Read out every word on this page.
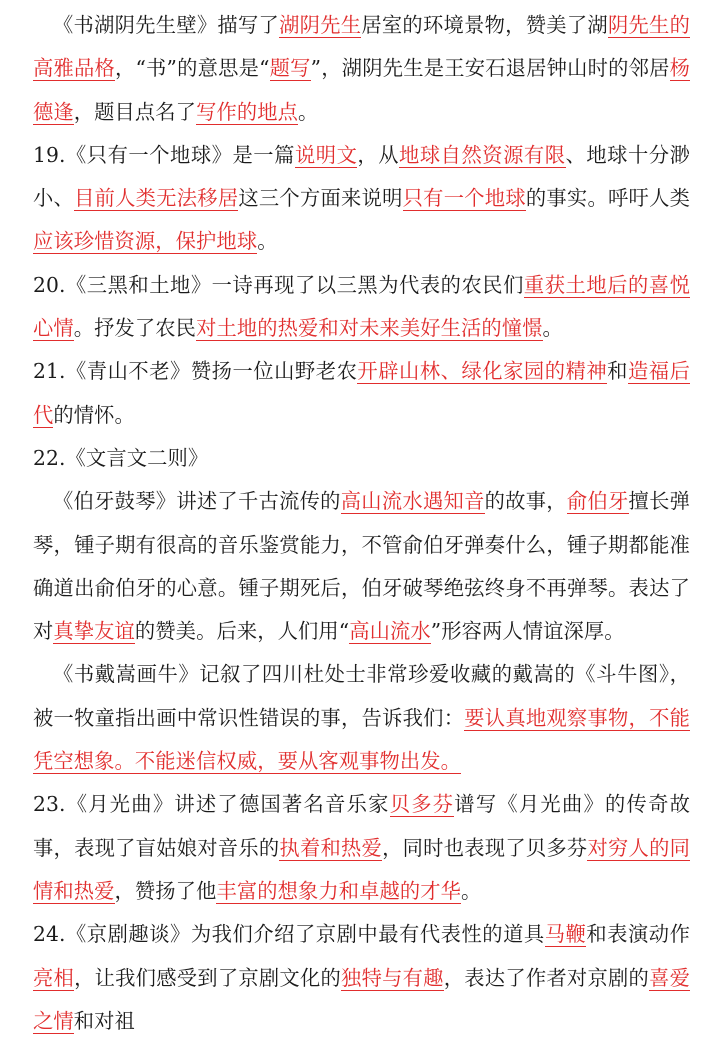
《书湖阴先生壁》描写了湖阴先生居室的环境景物，赞美了湖阴先生的高雅品格，“书”的意思是“题写”，湖阴先生是王安石退居钟山时的邻居杨德逢，题目点名了写作的地点。

19.《只有一个地球》是一篇说明文，从地球自然资源有限、地球十分渺小、目前人类无法移居这三个方面来说明只有一个地球的事实。呼吁人类应该珍惜资源，保护地球。

20.《三黑和土地》一诗再现了以三黑为代表的农民们重获土地后的喜悦心情。抒发了农民对土地的热爱和对未来美好生活的憧憬。

21.《青山不老》赞扬一位山野老农开辟山林、绿化家园的精神和造福后代的情怀。

22.《文言文二则》

《伯牙鼓琴》讲述了千古流传的高山流水遇知音的故事，俞伯牙擅长弹琴，锺子期有很高的音乐鉴赏能力，不管俞伯牙弹奏什么，锺子期都能准确道出俞伯牙的心意。锺子期死后，伯牙破琴绝弦终身不再弹琴。表达了对真挚友谊的赞美。后来，人们用“高山流水”形容两人情谊深厚。

《书戴嵩画牛》记叙了四川杜处士非常珍爱收藏的戴嵩的《斗牛图》，被一牧童指出画中常识性错误的事，告诉我们：要认真地观察事物，不能凭空想象。不能迷信权威，要从客观事物出发。

23.《月光曲》讲述了德国著名音乐家贝多芬谱写《月光曲》的传奇故事，表现了盲姑娘对音乐的执着和热爱，同时也表现了贝多芬对穷人的同情和热爱，赞扬了他丰富的想象力和卓越的才华。

24.《京剧趣谈》为我们介绍了京剧中最有代表性的道具马鞭和表演动作亮相，让我们感受到了京剧文化的独特与有趣，表达了作者对京剧的喜爱之情和对祖
